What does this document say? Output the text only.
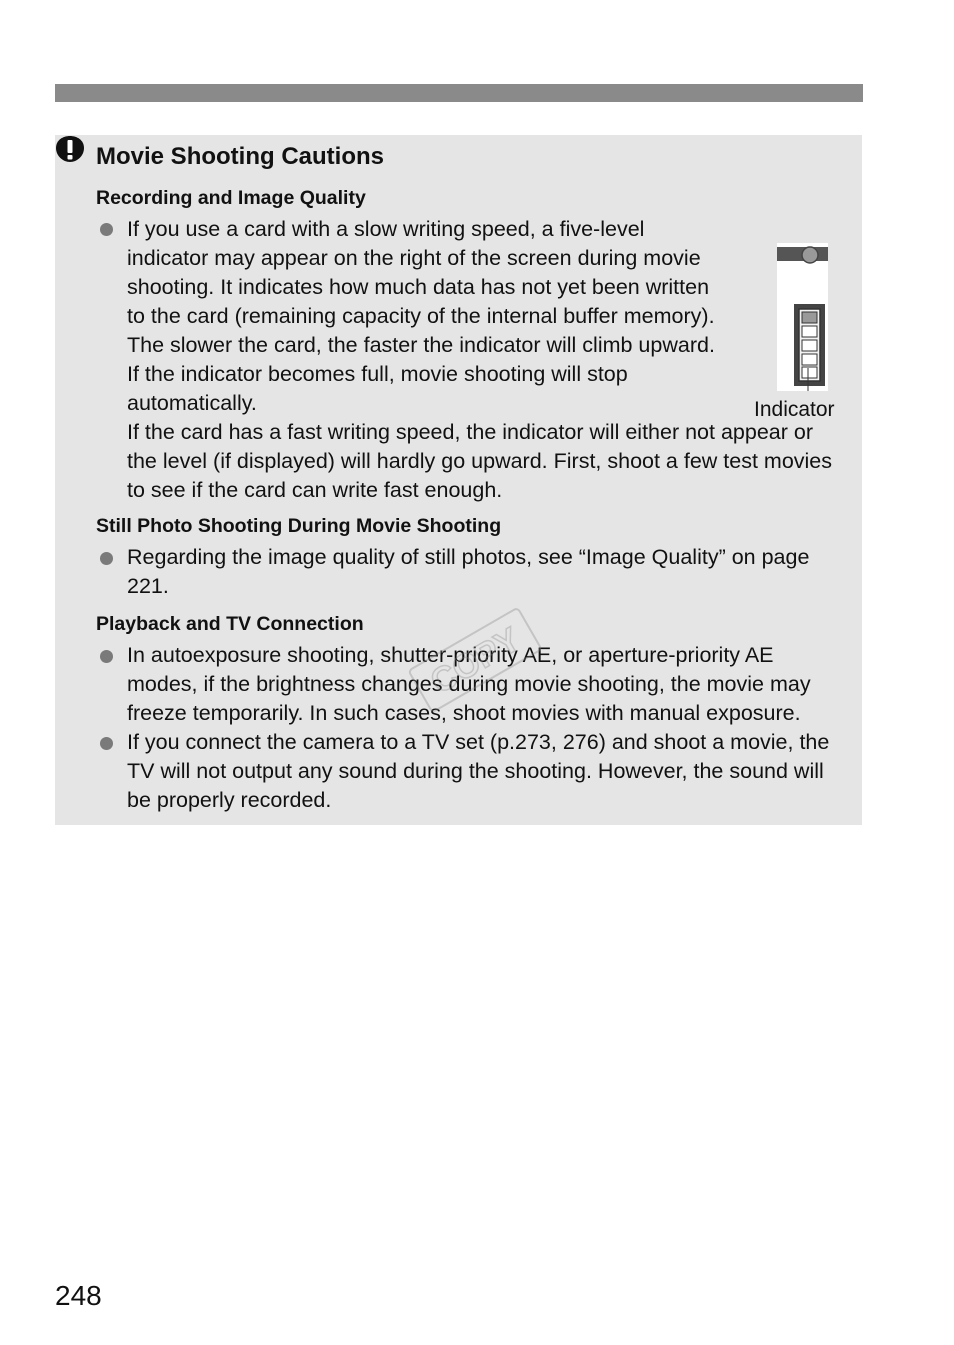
Movie Shooting Cautions
Recording and Image Quality
If you use a card with a slow writing speed, a five-level indicator may appear on the right of the screen during movie shooting. It indicates how much data has not yet been written to the card (remaining capacity of the internal buffer memory). The slower the card, the faster the indicator will climb upward. If the indicator becomes full, movie shooting will stop automatically.
If the card has a fast writing speed, the indicator will either not appear or the level (if displayed) will hardly go upward. First, shoot a few test movies to see if the card can write fast enough.
Indicator
Still Photo Shooting During Movie Shooting
Regarding the image quality of still photos, see “Image Quality” on page 221.
Playback and TV Connection
In autoexposure shooting, shutter-priority AE, or aperture-priority AE modes, if the brightness changes during movie shooting, the movie may freeze temporarily. In such cases, shoot movies with manual exposure.
If you connect the camera to a TV set (p.273, 276) and shoot a movie, the TV will not output any sound during the shooting. However, the sound will be properly recorded.
COPY
248
